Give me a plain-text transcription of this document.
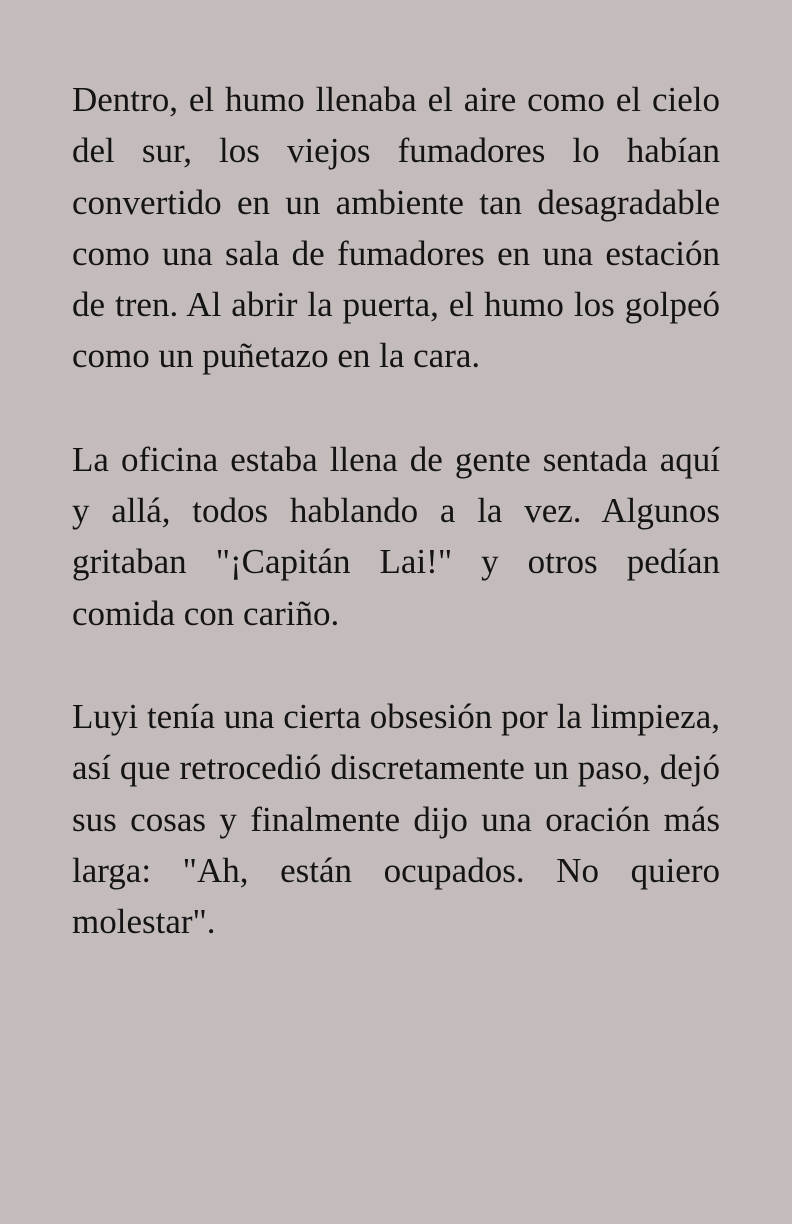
Dentro, el humo llenaba el aire como el cielo del sur, los viejos fumadores lo habían convertido en un ambiente tan desagradable como una sala de fumadores en una estación de tren. Al abrir la puerta, el humo los golpeó como un puñetazo en la cara.

La oficina estaba llena de gente sentada aquí y allá, todos hablando a la vez. Algunos gritaban "¡Capitán Lai!" y otros pedían comida con cariño.

Luyi tenía una cierta obsesión por la limpieza, así que retrocedió discretamente un paso, dejó sus cosas y finalmente dijo una oración más larga: "Ah, están ocupados. No quiero molestar".
